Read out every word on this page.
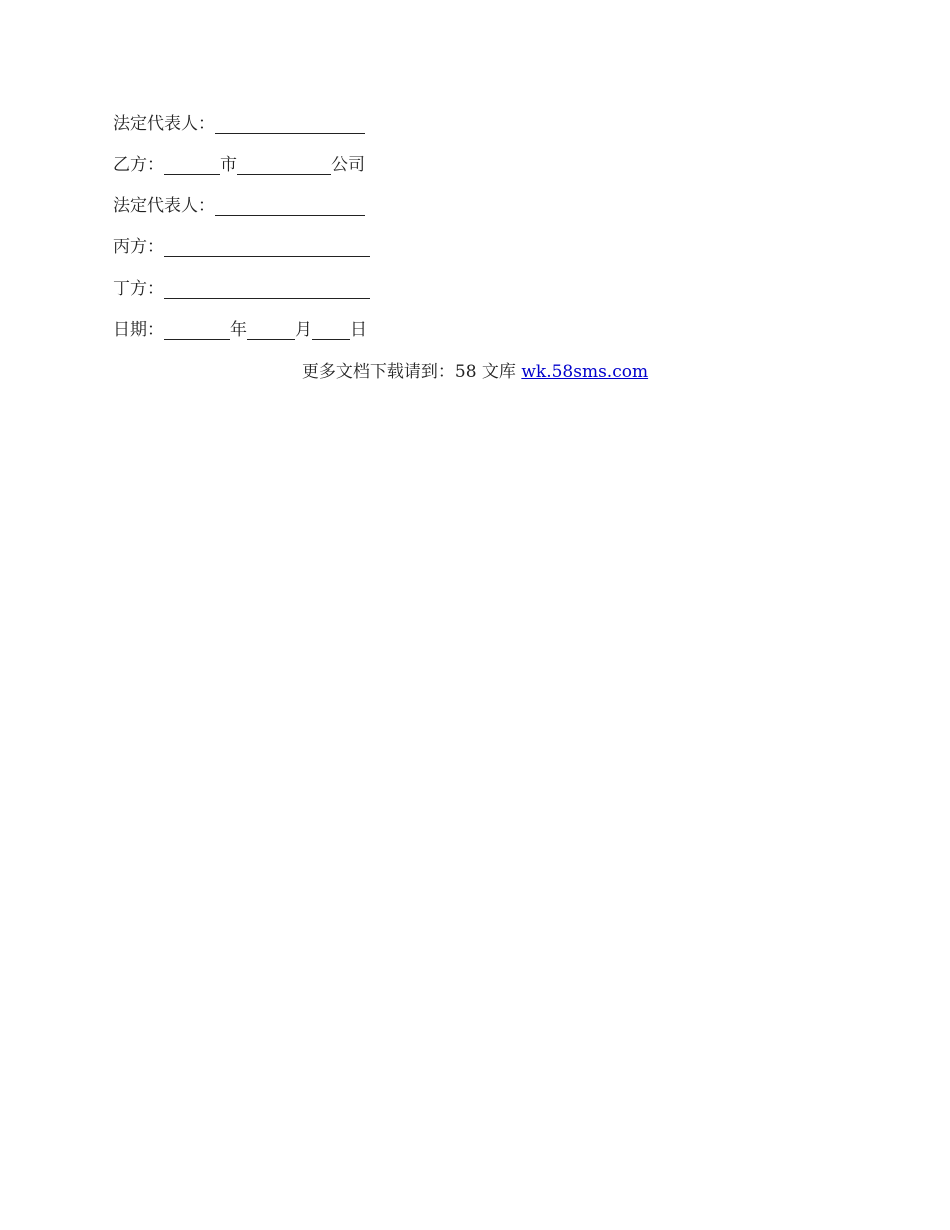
法定代表人：
乙方：	市	公司
法定代表人：
丙方：
丁方：
日期：	年	月 日
更多文档下载请到：58 文库 wk.58sms.com
